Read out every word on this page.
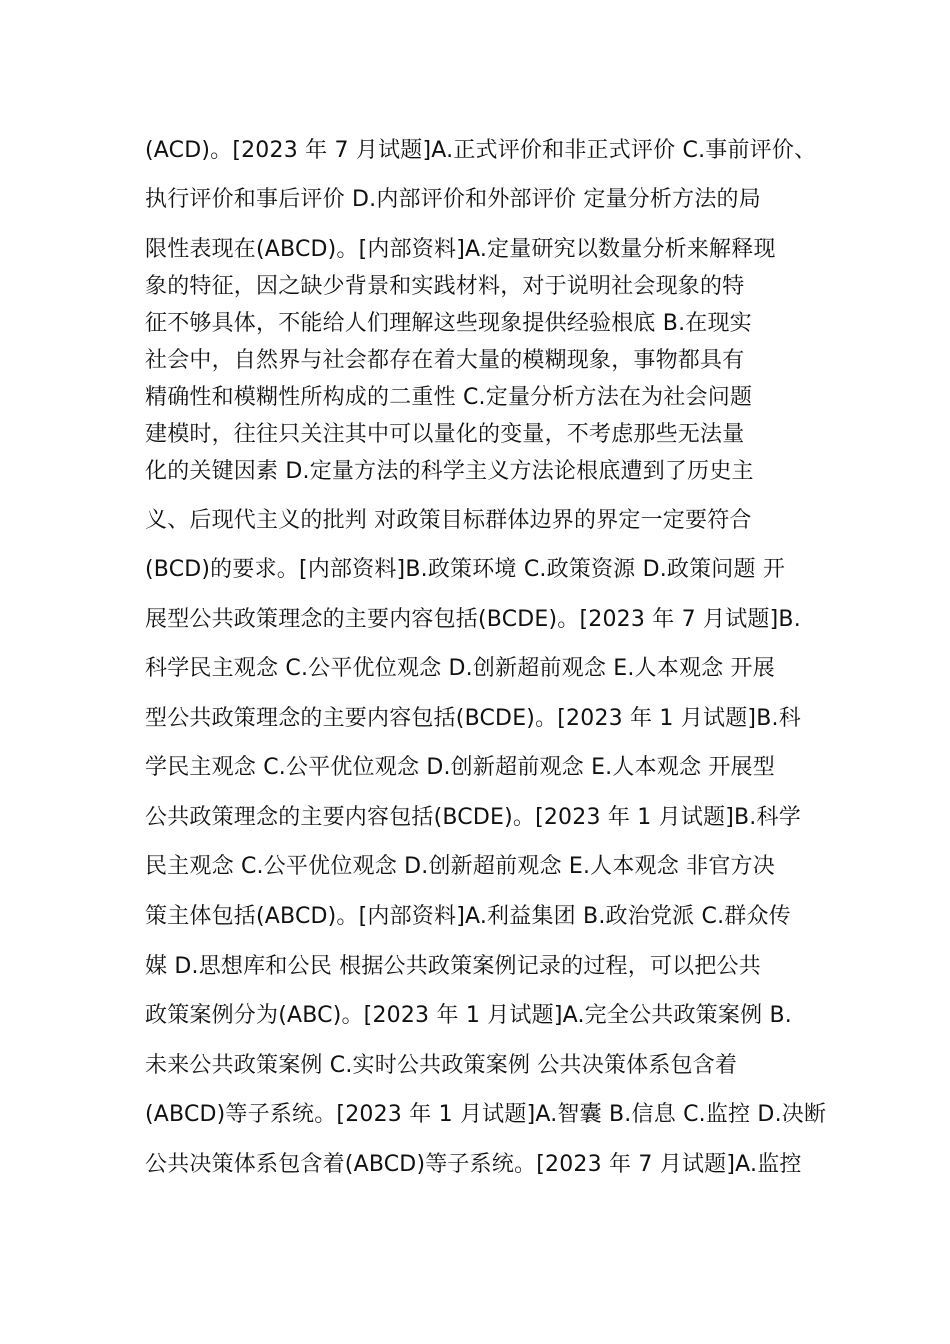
(ACD)。[2023 年 7 月试题]A.正式评价和非正式评价 C.事前评价、
执行评价和事后评价 D.内部评价和外部评价 定量分析方法的局
限性表现在(ABCD)。[内部资料]A.定量研究以数量分析来解释现
象的特征，因之缺少背景和实践材料，对于说明社会现象的特
征不够具体，不能给人们理解这些现象提供经验根底 B.在现实
社会中，自然界与社会都存在着大量的模糊现象，事物都具有
精确性和模糊性所构成的二重性 C.定量分析方法在为社会问题
建模时，往往只关注其中可以量化的变量，不考虑那些无法量
化的关键因素 D.定量方法的科学主义方法论根底遭到了历史主
义、后现代主义的批判 对政策目标群体边界的界定一定要符合
(BCD)的要求。[内部资料]B.政策环境 C.政策资源 D.政策问题 开
展型公共政策理念的主要内容包括(BCDE)。[2023 年 7 月试题]B.
科学民主观念 C.公平优位观念 D.创新超前观念 E.人本观念 开展
型公共政策理念的主要内容包括(BCDE)。[2023 年 1 月试题]B.科
学民主观念 C.公平优位观念 D.创新超前观念 E.人本观念 开展型
公共政策理念的主要内容包括(BCDE)。[2023 年 1 月试题]B.科学
民主观念 C.公平优位观念 D.创新超前观念 E.人本观念 非官方决
策主体包括(ABCD)。[内部资料]A.利益集团 B.政治党派 C.群众传
媒 D.思想库和公民 根据公共政策案例记录的过程，可以把公共
政策案例分为(ABC)。[2023 年 1 月试题]A.完全公共政策案例 B.
未来公共政策案例 C.实时公共政策案例 公共决策体系包含着
(ABCD)等子系统。[2023 年 1 月试题]A.智囊 B.信息 C.监控 D.决断
公共决策体系包含着(ABCD)等子系统。[2023 年 7 月试题]A.监控
